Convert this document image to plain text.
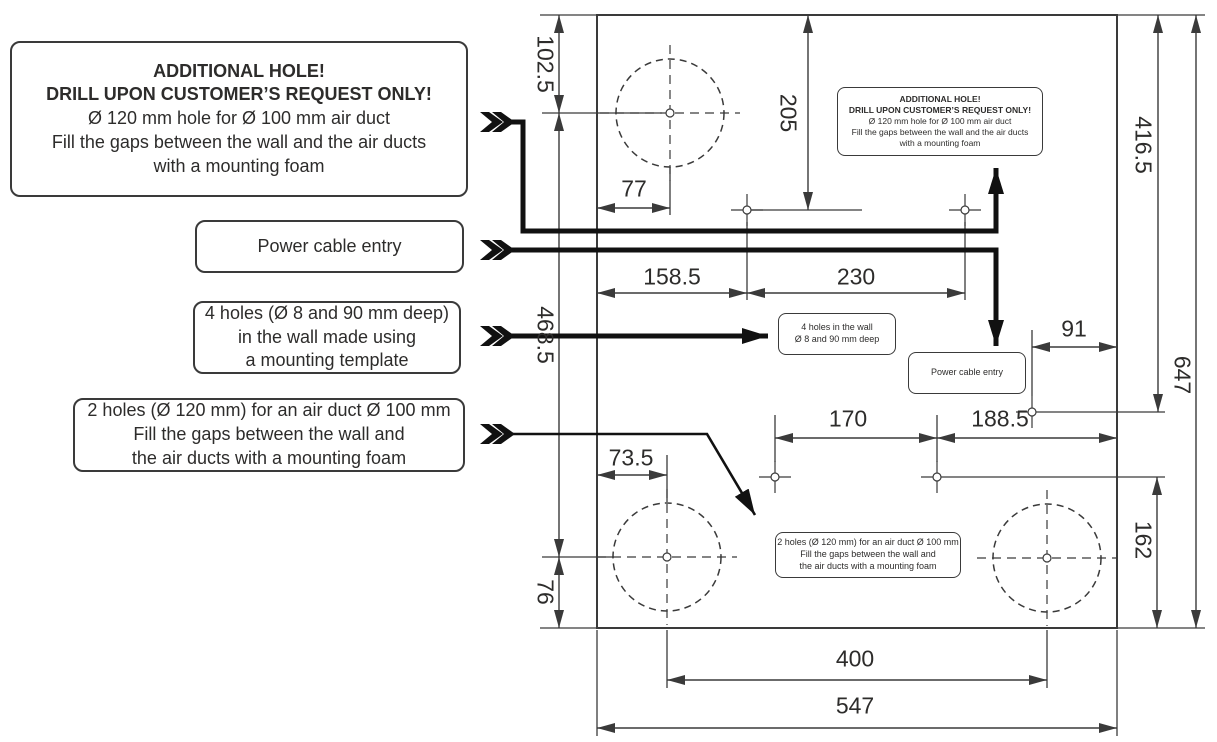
ADDITIONAL HOLE!
DRILL UPON CUSTOMER’S REQUEST ONLY!
Ø 120 mm hole for Ø 100 mm air duct
Fill the gaps between the wall and the air ducts
with a mounting foam
Power cable entry
4 holes (Ø 8 and 90 mm deep)
in the wall made using
a mounting template
2 holes (Ø 120 mm) for an air duct Ø 100 mm
Fill the gaps between the wall and
the air ducts with a mounting foam
ADDITIONAL HOLE!
DRILL UPON CUSTOMER’S REQUEST ONLY!
Ø 120 mm hole for Ø 100 mm air duct
Fill the gaps between the wall and the air ducts
with a mounting foam
4 holes in the wall
Ø 8 and 90 mm deep
Power cable entry
2 holes (Ø 120 mm) for an air duct Ø 100 mm
Fill the gaps between the wall and
the air ducts with a mounting foam
102.5
205
77
416.5
468.5
158.5	230
91
647
170	188.5
73.5
162
76
400
547
